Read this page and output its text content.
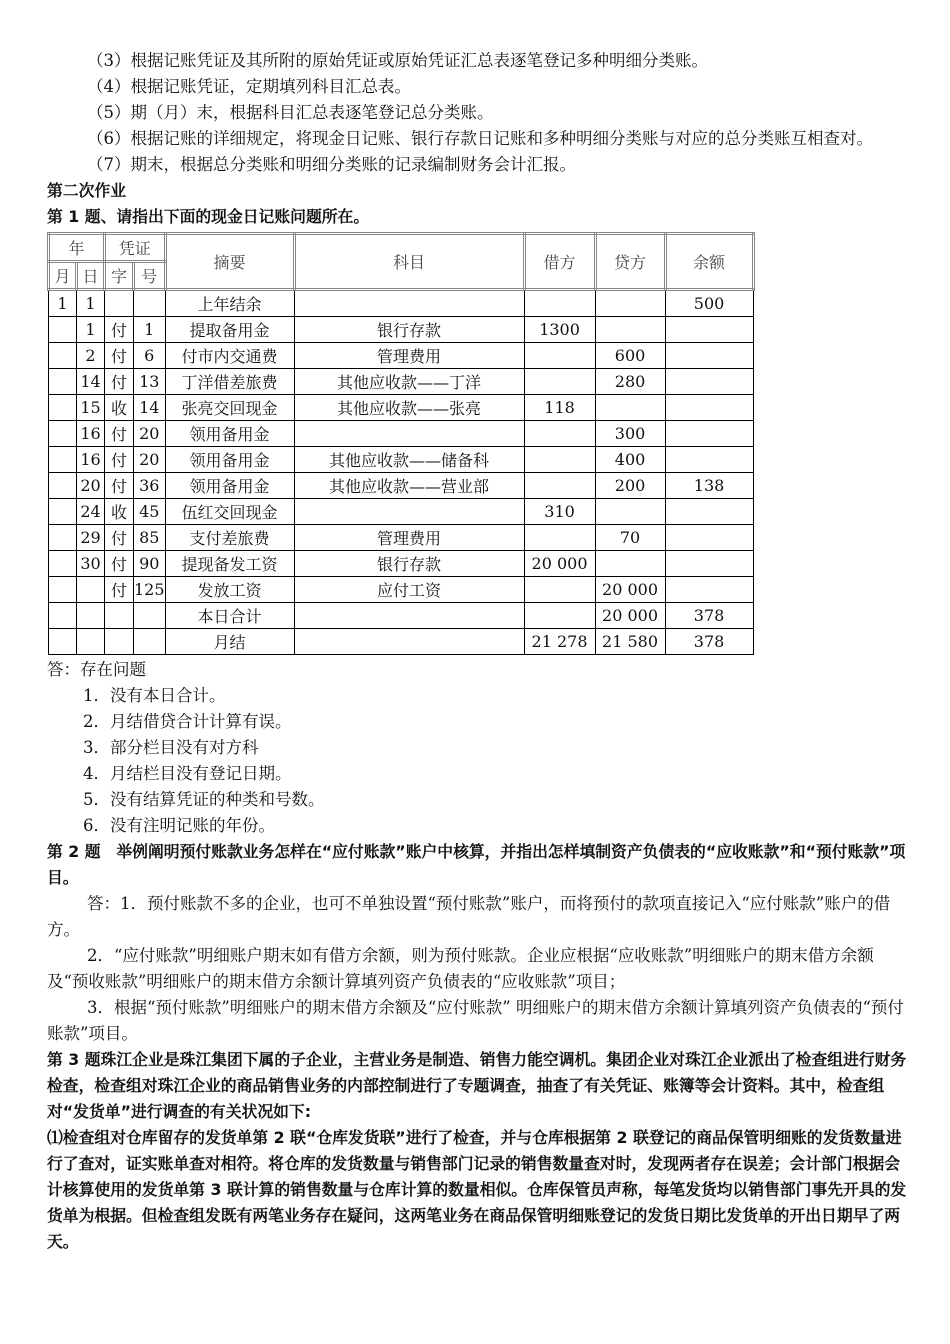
（3）根据记账凭证及其所附的原始凭证或原始凭证汇总表逐笔登记多种明细分类账。

（4）根据记账凭证，定期填列科目汇总表。

（5）期（月）末，根据科目汇总表逐笔登记总分类账。

（6）根据记账的详细规定，将现金日记账、银行存款日记账和多种明细分类账与对应的总分类账互相查对。

（7）期末，根据总分类账和明细分类账的记录编制财务会计汇报。

第二次作业

第 1 题、请指出下面的现金日记账问题所在。

年		凭证		摘要	科目	借方	贷方	余额
月	日	字	号					
1	1			上年结余				500
	1	付	1	提取备用金	银行存款	1300		
	2	付	6	付市内交通费	管理费用		600	
	14	付	13	丁洋借差旅费	其他应收款——丁洋		280	
	15	收	14	张亮交回现金	其他应收款——张亮	118		
	16	付	20	领用备用金			300	
	16	付	20	领用备用金	其他应收款——储备科		400	
	20	付	36	领用备用金	其他应收款——营业部		200	138
	24	收	45	伍红交回现金		310		
	29	付	85	支付差旅费	管理费用		70	
	30	付	90	提现备发工资	银行存款	20 000		
		付	125	发放工资	应付工资		20 000	
				本日合计			20 000	378
				月结		21 278	21 580	378

答：存在问题

1．没有本日合计。

2．月结借贷合计计算有误。

3．部分栏目没有对方科

4．月结栏目没有登记日期。

5．没有结算凭证的种类和号数。

6．没有注明记账的年份。

第 2 题　举例阐明预付账款业务怎样在“应付账款”账户中核算，并指出怎样填制资产负债表的“应收账款”和“预付账款”项目。

答：1．预付账款不多的企业，也可不单独设置“预付账款”账户，而将预付的款项直接记入“应付账款”账户的借方。

2．“应付账款”明细账户期末如有借方余额，则为预付账款。企业应根据“应收账款”明细账户的期末借方余额及“预收账款”明细账户的期末借方余额计算填列资产负债表的“应收账款”项目；

3．根据“预付账款”明细账户的期末借方余额及“应付账款” 明细账户的期末借方余额计算填列资产负债表的“预付账款”项目。

第 3 题珠江企业是珠江集团下属的子企业，主营业务是制造、销售力能空调机。集团企业对珠江企业派出了检查组进行财务检查，检查组对珠江企业的商品销售业务的内部控制进行了专题调查，抽查了有关凭证、账簿等会计资料。其中，检查组对“发货单”进行调查的有关状况如下:

⑴检查组对仓库留存的发货单第 2 联“仓库发货联”进行了检查，并与仓库根据第 2 联登记的商品保管明细账的发货数量进行了查对，证实账单查对相符。将仓库的发货数量与销售部门记录的销售数量查对时，发现两者存在误差；会计部门根据会计核算使用的发货单第 3 联计算的销售数量与仓库计算的数量相似。仓库保管员声称，每笔发货均以销售部门事先开具的发货单为根据。但检查组发既有两笔业务存在疑问，这两笔业务在商品保管明细账登记的发货日期比发货单的开出日期早了两天。
